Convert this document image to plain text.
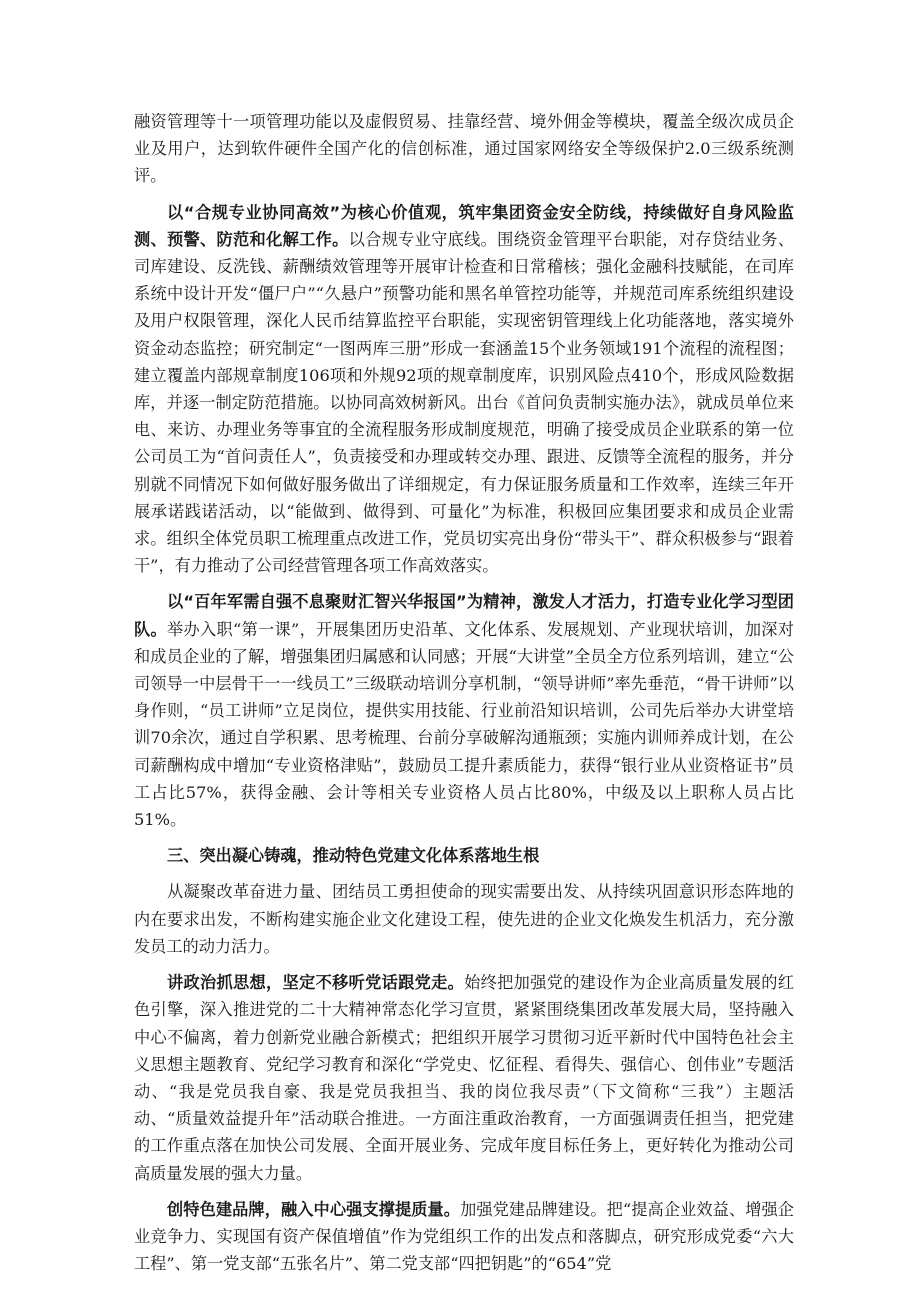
融资管理等十一项管理功能以及虚假贸易、挂靠经营、境外佣金等模块，覆盖全级次成员企业及用户，达到软件硬件全国产化的信创标准，通过国家网络安全等级保护2.0三级系统测评。

以“合规专业协同高效”为核心价值观，筑牢集团资金安全防线，持续做好自身风险监测、预警、防范和化解工作。以合规专业守底线。围绕资金管理平台职能，对存贷结业务、司库建设、反洗钱、薪酬绩效管理等开展审计检查和日常稽核；强化金融科技赋能，在司库系统中设计开发“僵尸户”“久悬户”预警功能和黑名单管控功能等，并规范司库系统组织建设及用户权限管理，深化人民币结算监控平台职能，实现密钥管理线上化功能落地，落实境外资金动态监控；研究制定“一图两库三册”形成一套涵盖15个业务领域191个流程的流程图；建立覆盖内部规章制度106项和外规92项的规章制度库，识别风险点410个，形成风险数据库，并逐一制定防范措施。以协同高效树新风。出台《首问负责制实施办法》，就成员单位来电、来访、办理业务等事宜的全流程服务形成制度规范，明确了接受成员企业联系的第一位公司员工为“首问责任人”，负责接受和办理或转交办理、跟进、反馈等全流程的服务，并分别就不同情况下如何做好服务做出了详细规定，有力保证服务质量和工作效率，连续三年开展承诺践诺活动，以“能做到、做得到、可量化”为标准，积极回应集团要求和成员企业需求。组织全体党员职工梳理重点改进工作，党员切实亮出身份“带头干”、群众积极参与“跟着干”，有力推动了公司经营管理各项工作高效落实。

以“百年军需自强不息聚财汇智兴华报国”为精神，激发人才活力，打造专业化学习型团队。举办入职“第一课”，开展集团历史沿革、文化体系、发展规划、产业现状培训，加深对和成员企业的了解，增强集团归属感和认同感；开展“大讲堂”全员全方位系列培训，建立“公司领导一中层骨干一一线员工”三级联动培训分享机制，“领导讲师”率先垂范，“骨干讲师”以身作则，“员工讲师”立足岗位，提供实用技能、行业前沿知识培训，公司先后举办大讲堂培训70余次，通过自学积累、思考梳理、台前分享破解沟通瓶颈；实施内训师养成计划，在公司薪酬构成中增加“专业资格津贴”，鼓励员工提升素质能力，获得“银行业从业资格证书”员工占比57%，获得金融、会计等相关专业资格人员占比80%，中级及以上职称人员占比51%。

三、突出凝心铸魂，推动特色党建文化体系落地生根

从凝聚改革奋进力量、团结员工勇担使命的现实需要出发、从持续巩固意识形态阵地的内在要求出发，不断构建实施企业文化建设工程，使先进的企业文化焕发生机活力，充分激发员工的动力活力。

讲政治抓思想，坚定不移听党话跟党走。始终把加强党的建设作为企业高质量发展的红色引擎，深入推进党的二十大精神常态化学习宣贯，紧紧围绕集团改革发展大局，坚持融入中心不偏离，着力创新党业融合新模式；把组织开展学习贯彻习近平新时代中国特色社会主义思想主题教育、党纪学习教育和深化“学党史、忆征程、看得失、强信心、创伟业”专题活动、“我是党员我自豪、我是党员我担当、我的岗位我尽责”（下文简称“三我”）主题活动、“质量效益提升年”活动联合推进。一方面注重政治教育，一方面强调责任担当，把党建的工作重点落在加快公司发展、全面开展业务、完成年度目标任务上，更好转化为推动公司高质量发展的强大力量。

创特色建品牌，融入中心强支撑提质量。加强党建品牌建设。把“提高企业效益、增强企业竞争力、实现国有资产保值增值”作为党组织工作的出发点和落脚点，研究形成党委“六大工程”、第一党支部“五张名片”、第二党支部“四把钥匙”的“654”党
